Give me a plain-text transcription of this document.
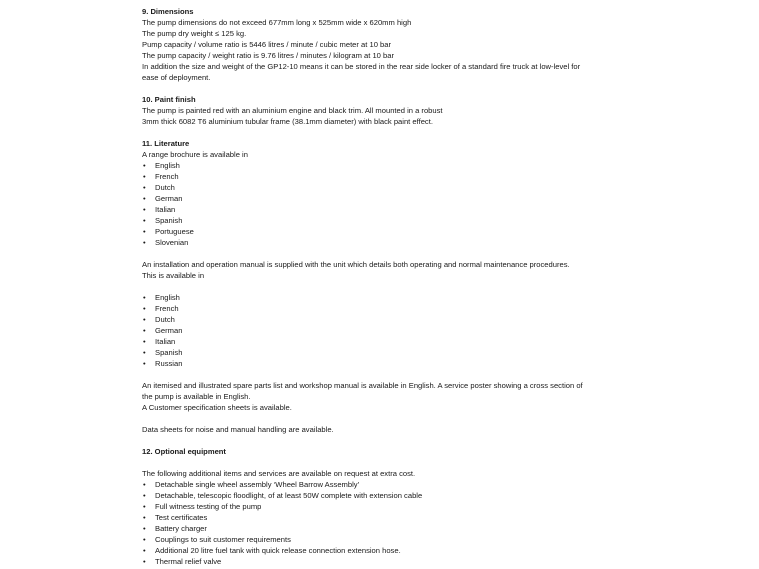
9. Dimensions
The pump dimensions do not exceed 677mm long x 525mm wide x 620mm high
The pump dry weight ≤ 125 kg.
Pump capacity / volume ratio is 5446 litres / minute / cubic meter at 10 bar
The pump capacity / weight ratio is 9.76 litres / minutes / kilogram at 10 bar
In addition the size and weight of the GP12-10 means it can be stored in the rear side locker of a standard fire truck at low-level for
ease of deployment.
10. Paint finish
The pump is painted red with an aluminium engine and black trim. All mounted in a robust
3mm thick 6082 T6 aluminium tubular frame (38.1mm diameter) with black paint effect.
11. Literature
A range brochure is available in
• English
• French
• Dutch
• German
• Italian
• Spanish
• Portuguese
• Slovenian
An installation and operation manual is supplied with the unit which details both operating and normal maintenance procedures.
This is available in
• English
• French
• Dutch
• German
• Italian
• Spanish
• Russian
An itemised and illustrated spare parts list and workshop manual is available in English. A service poster showing a cross section of
the pump is available in English.
A Customer specification sheets is available.
Data sheets for noise and manual handling are available.
12. Optional equipment
The following additional items and services are available on request at extra cost.
• Detachable single wheel assembly ‘Wheel Barrow Assembly’
• Detachable, telescopic floodlight, of at least 50W complete with extension cable
• Full witness testing of the pump
• Test certificates
• Battery charger
• Couplings to suit customer requirements
• Additional 20 litre fuel tank with quick release connection extension hose.
• Thermal relief valve
